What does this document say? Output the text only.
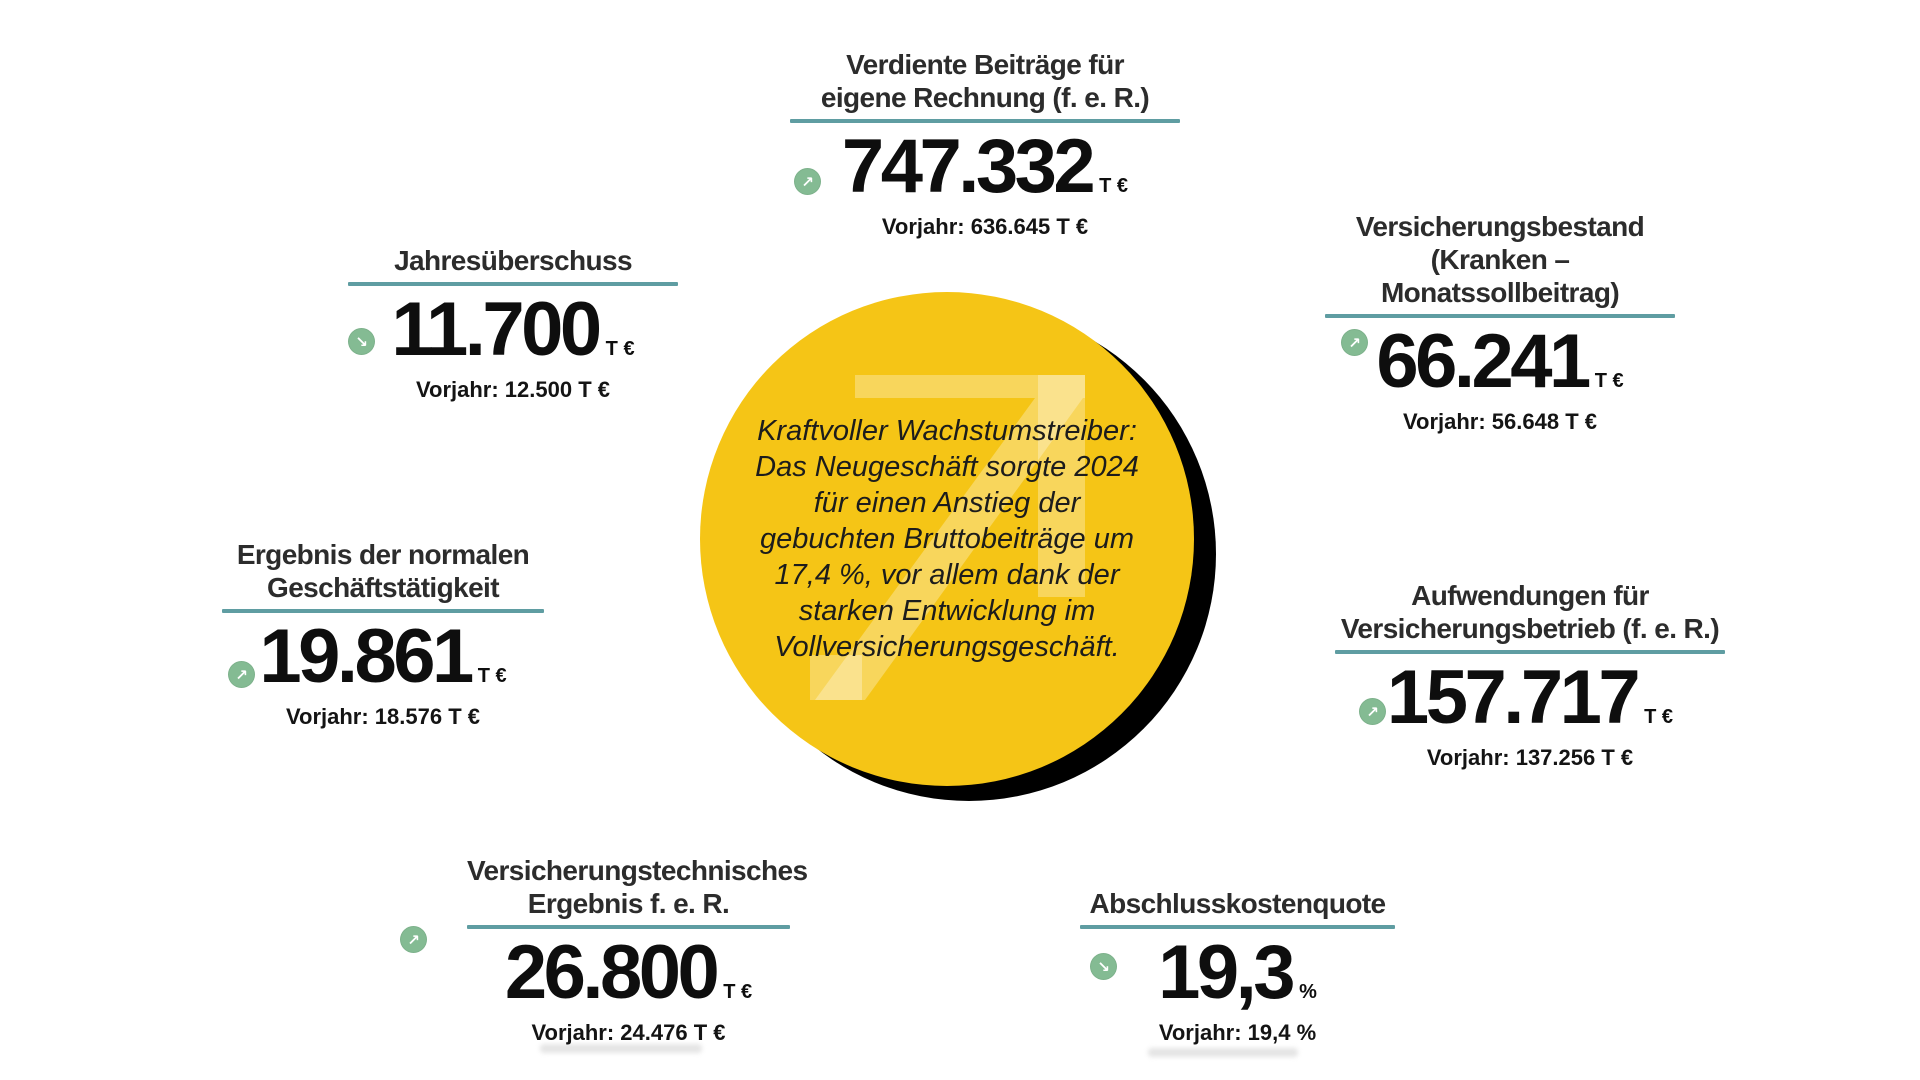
Kraftvoller Wachstumstreiber:
Das Neugeschäft sorgte 2024
für einen Anstieg der
gebuchten Bruttobeiträge um
17,4 %, vor allem dank der
starken Entwicklung im
Vollversicherungsgeschäft.
Verdiente Beiträge für
eigene Rechnung (f. e. R.)
747.332 T €
Vorjahr: 636.645 T €
Jahresüberschuss
11.700 T €
Vorjahr: 12.500 T €
Versicherungsbestand
(Kranken – Monatssollbeitrag)
66.241 T €
Vorjahr: 56.648 T €
Ergebnis der normalen
Geschäftstätigkeit
19.861 T €
Vorjahr: 18.576 T €
Aufwendungen für
Versicherungsbetrieb (f. e. R.)
157.717 T €
Vorjahr: 137.256 T €
Versicherungstechnisches
Ergebnis f. e. R.
26.800 T €
Vorjahr: 24.476 T €
Abschlusskostenquote
19,3 %
Vorjahr: 19,4 %
↗
↘	↗
↗
↗
↗
↘
